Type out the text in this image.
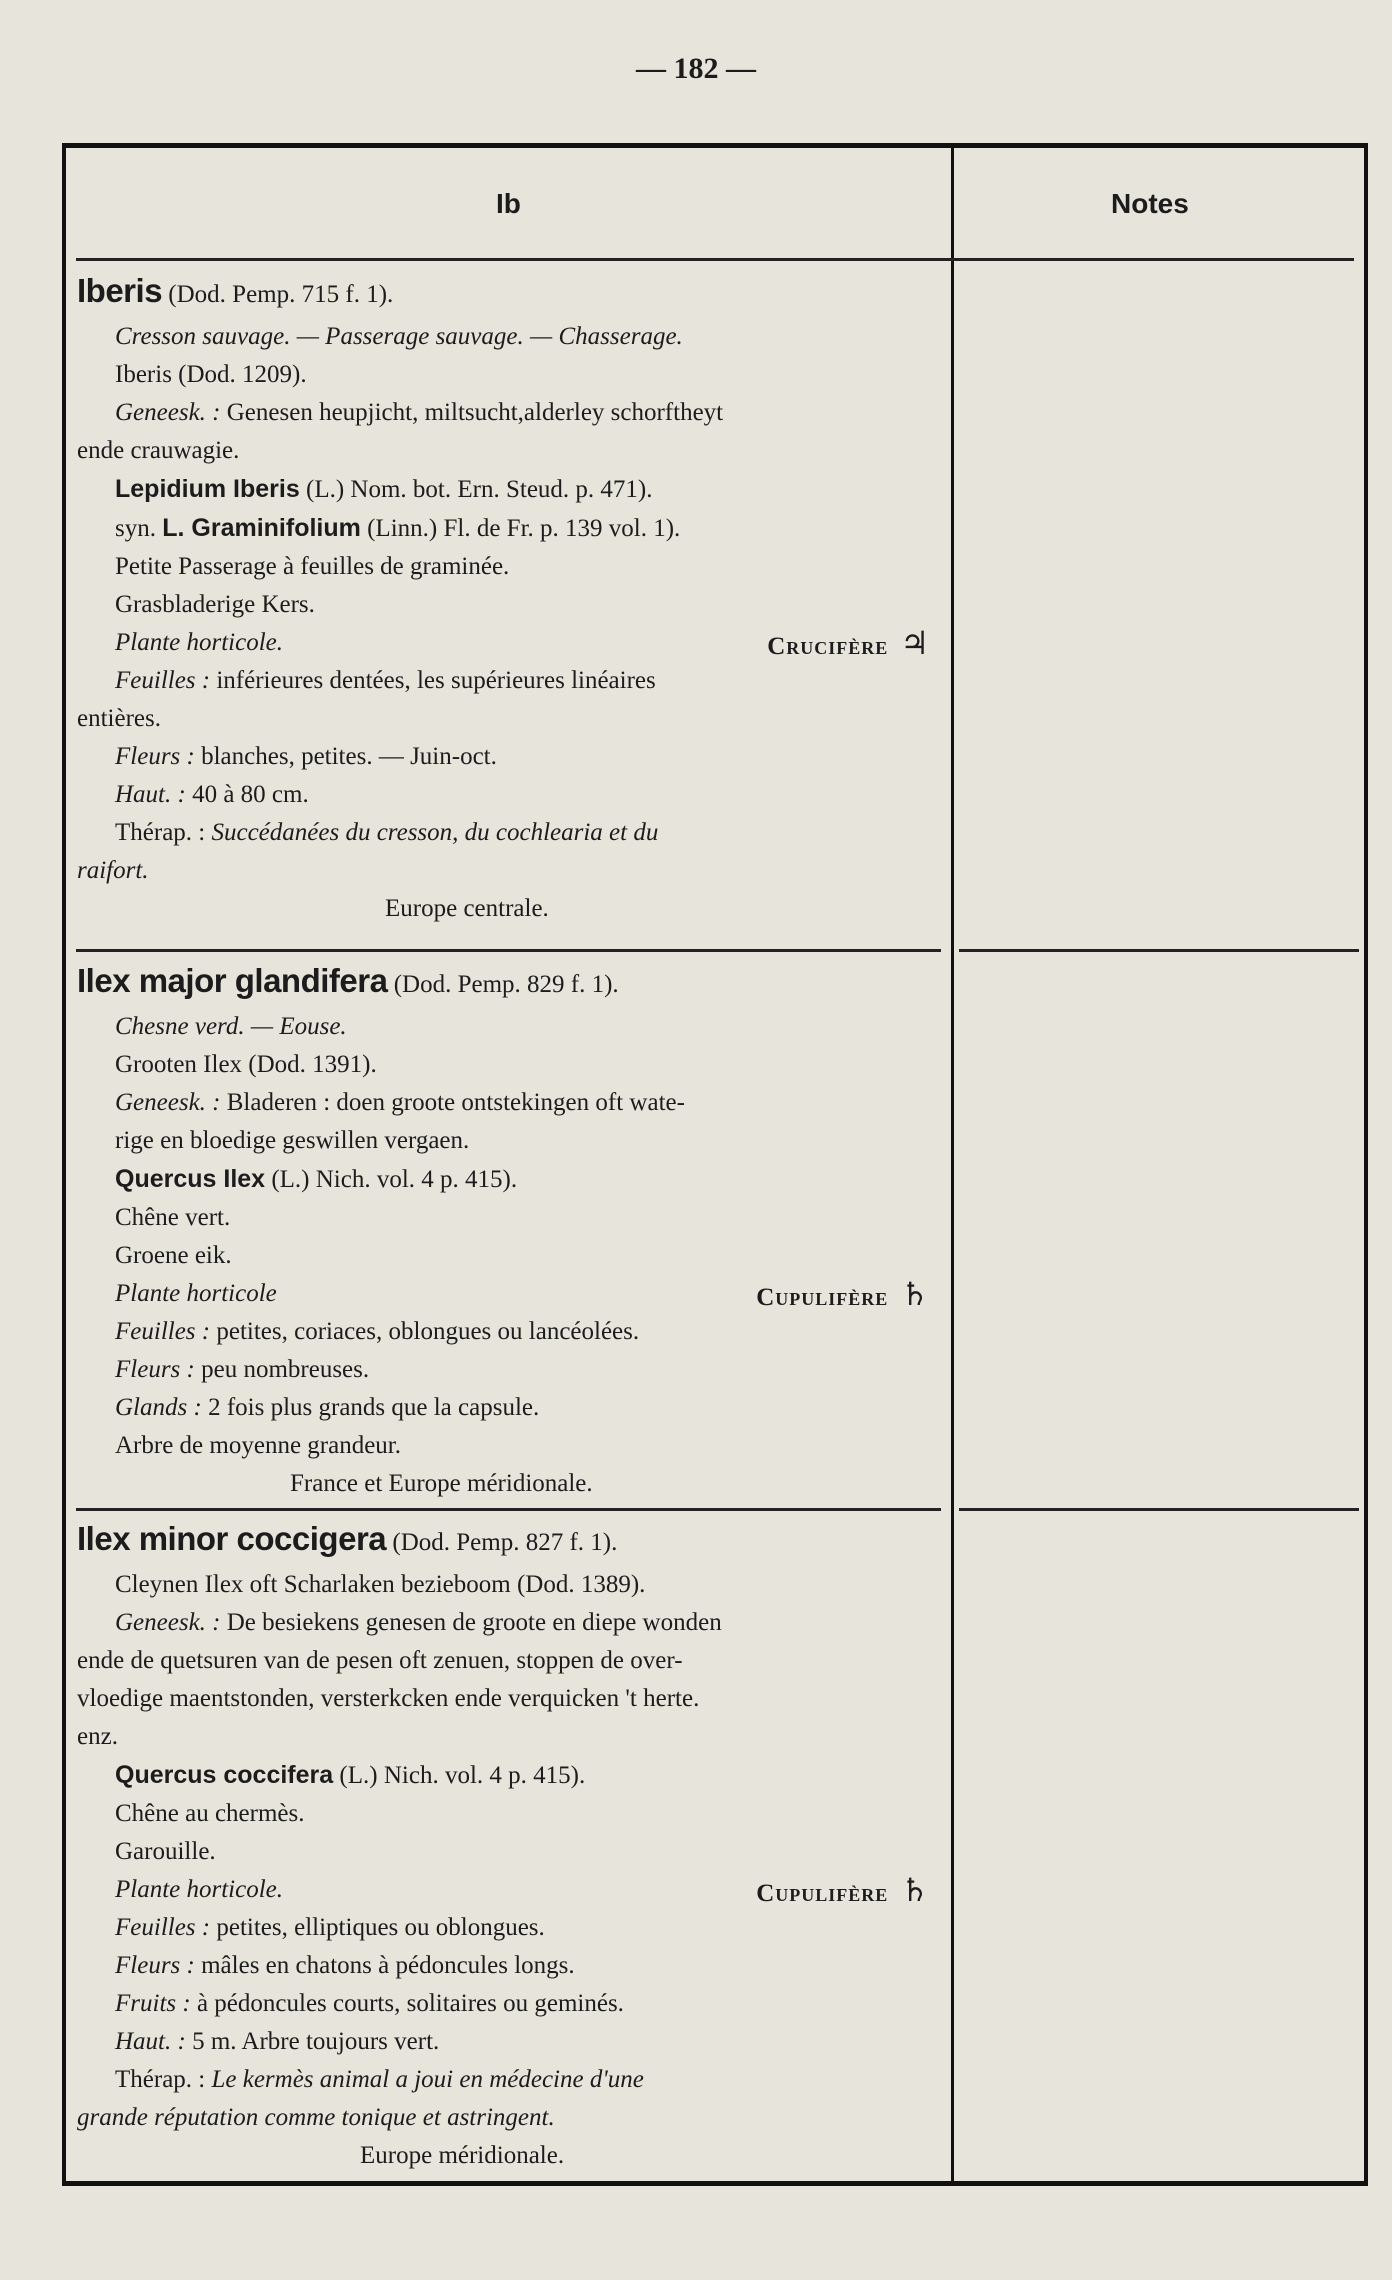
— 182 —
Ib	Notes
Iberis (Dod. Pemp. 715 f. 1).
Cresson sauvage. — Passerage sauvage. — Chasserage.
Iberis (Dod. 1209).
Geneesk. : Genesen heupjicht, miltsucht,alderley schorftheyt
ende crauwagie.
Lepidium Iberis (L.) Nom. bot. Ern. Steud. p. 471).
syn. L. Graminifolium (Linn.) Fl. de Fr. p. 139 vol. 1).
Petite Passerage à feuilles de graminée.
Grasbladerige Kers.
Plante horticole.	Crucifère ♃
Feuilles : inférieures dentées, les supérieures linéaires
entières.
Fleurs : blanches, petites. — Juin-oct.
Haut. : 40 à 80 cm.
Thérap. : Succédanées du cresson, du cochlearia et du
raifort.
Europe centrale.
Ilex major glandifera (Dod. Pemp. 829 f. 1).
Chesne verd. — Eouse.
Grooten Ilex (Dod. 1391).
Geneesk. : Bladeren : doen groote ontstekingen oft wate-
rige en bloedige geswillen vergaen.
Quercus Ilex (L.) Nich. vol. 4 p. 415).
Chêne vert.
Groene eik.
Plante horticole	Cupulifère ♄
Feuilles : petites, coriaces, oblongues ou lancéolées.
Fleurs : peu nombreuses.
Glands : 2 fois plus grands que la capsule.
Arbre de moyenne grandeur.
France et Europe méridionale.
Ilex minor coccigera (Dod. Pemp. 827 f. 1).
Cleynen Ilex oft Scharlaken bezieboom (Dod. 1389).
Geneesk. : De besiekens genesen de groote en diepe wonden
ende de quetsuren van de pesen oft zenuen, stoppen de over-
vloedige maentstonden, versterkcken ende verquicken 't herte.
enz.
Quercus coccifera (L.) Nich. vol. 4 p. 415).
Chêne au chermès.
Garouille.
Plante horticole.	Cupulifère ♄
Feuilles : petites, elliptiques ou oblongues.
Fleurs : mâles en chatons à pédoncules longs.
Fruits : à pédoncules courts, solitaires ou geminés.
Haut. : 5 m. Arbre toujours vert.
Thérap. : Le kermès animal a joui en médecine d'une
grande réputation comme tonique et astringent.
Europe méridionale.
